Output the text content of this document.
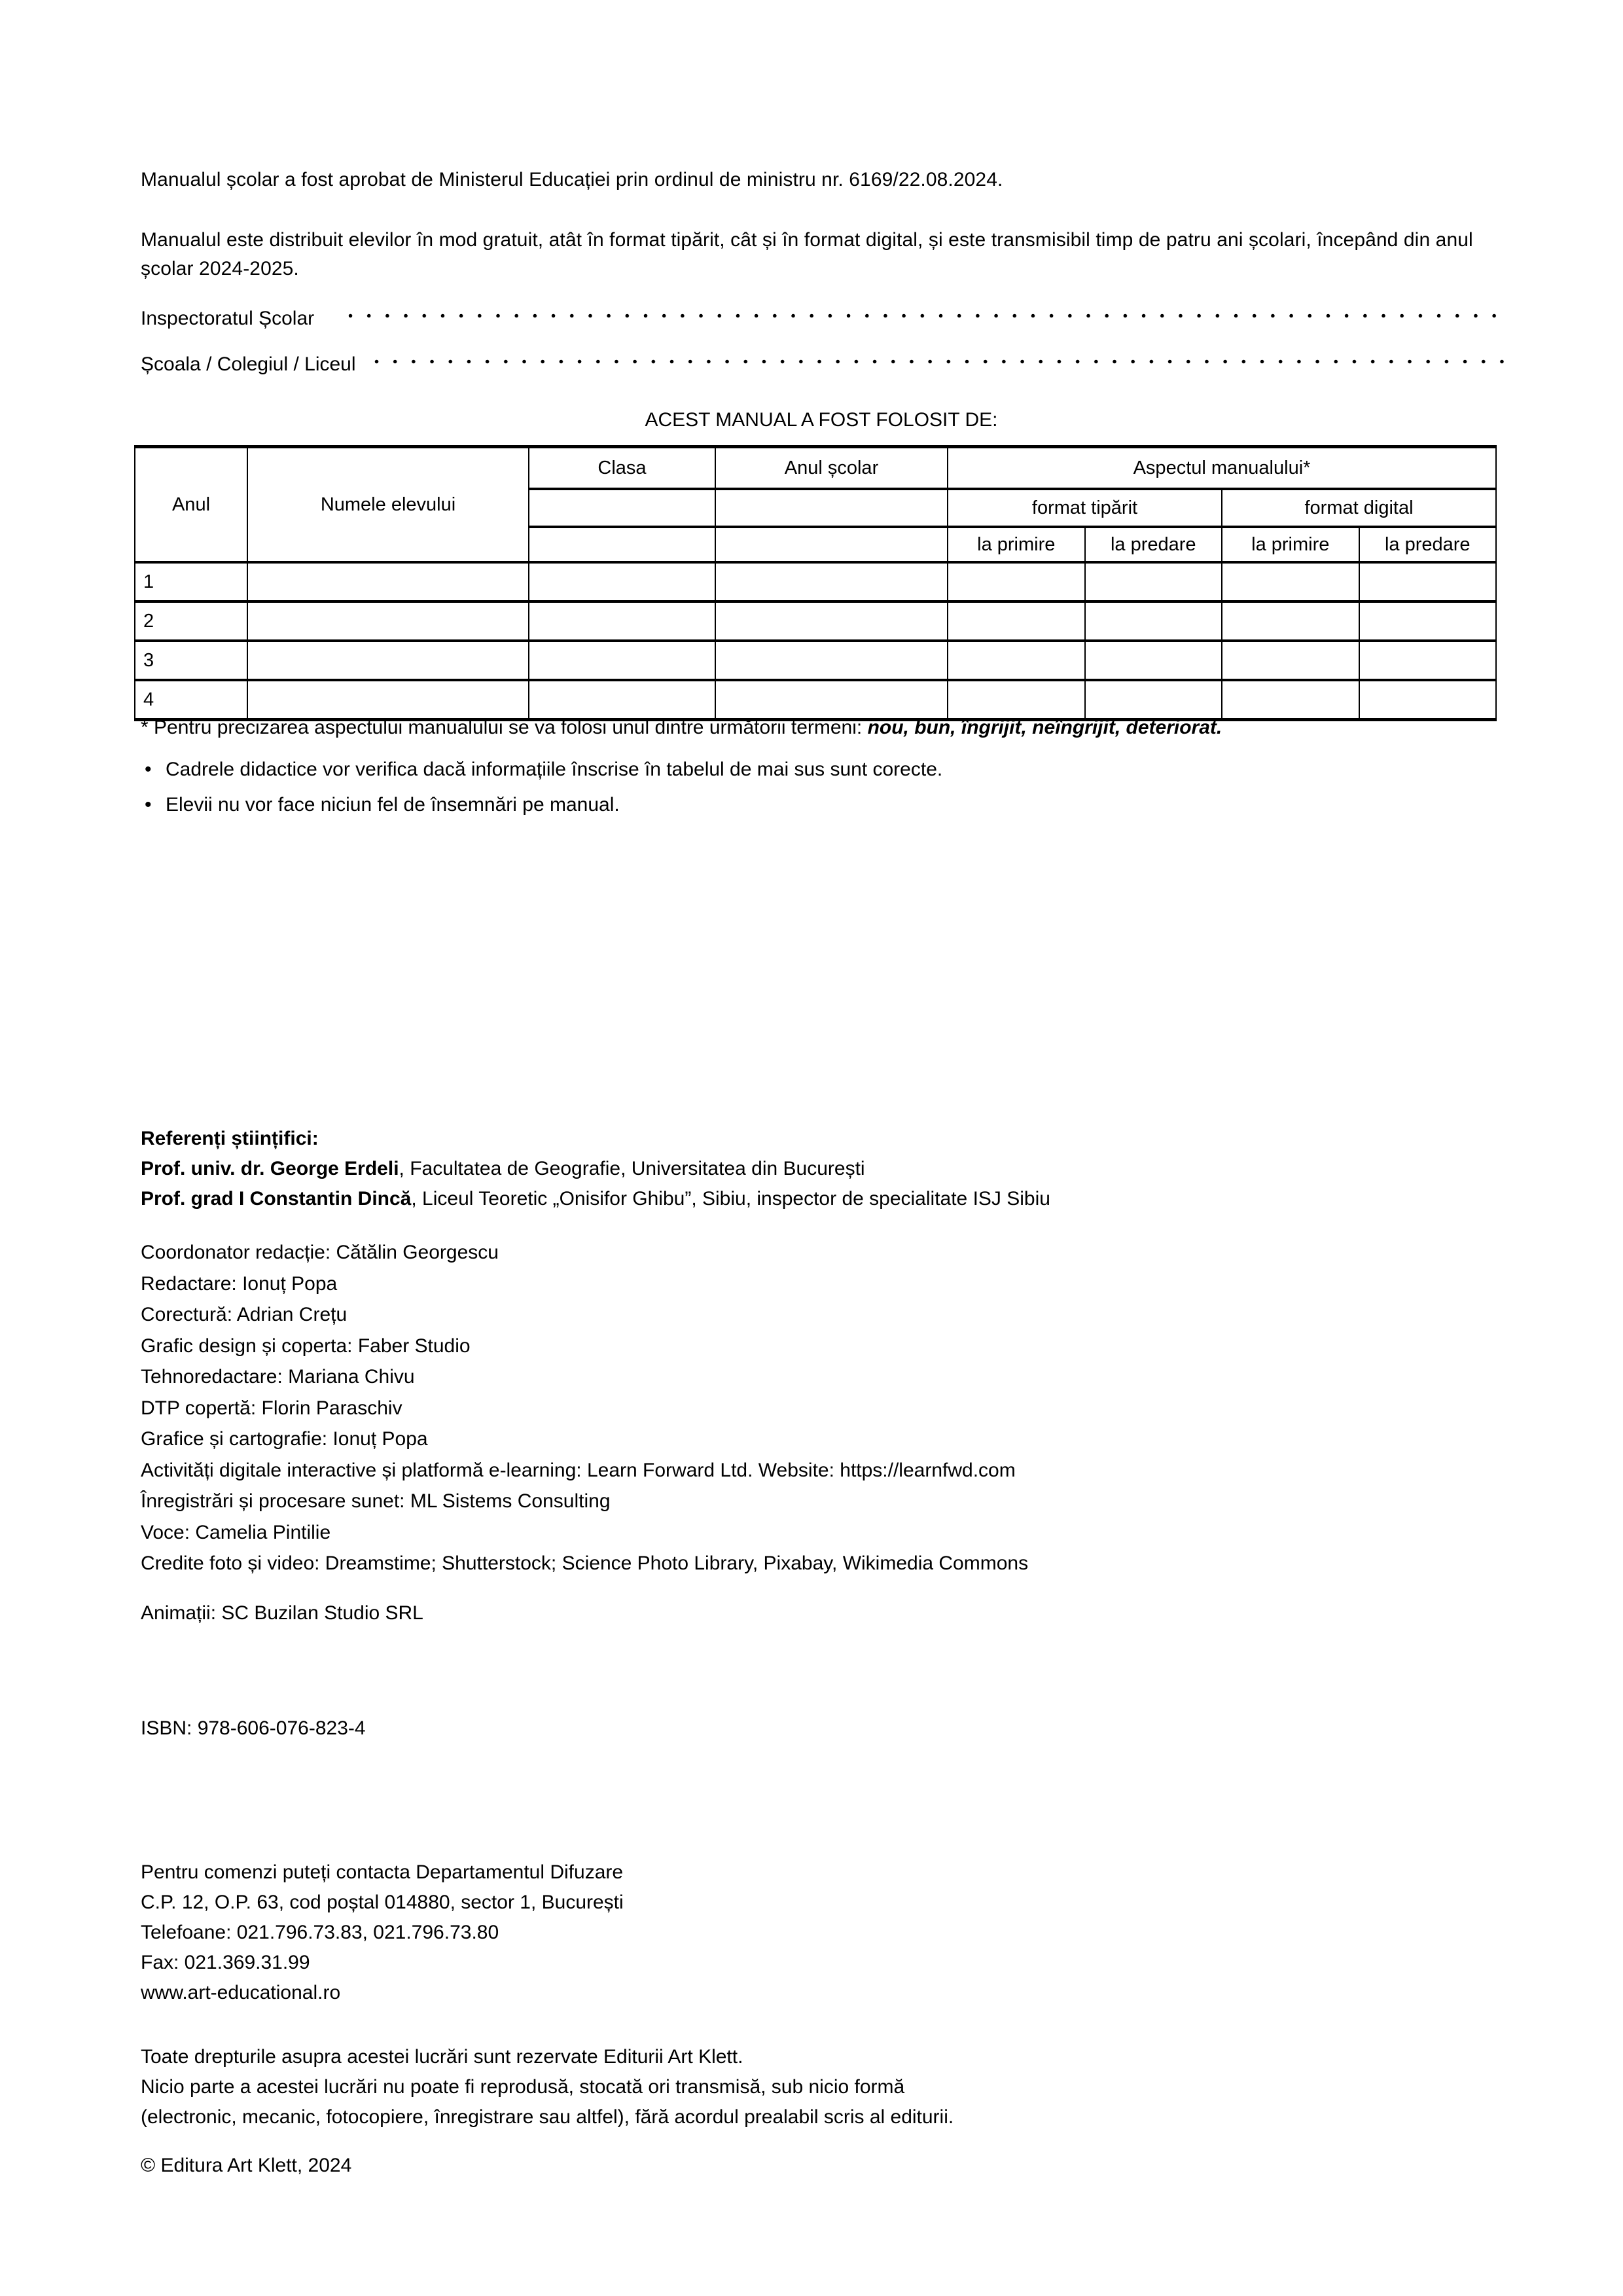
Manualul școlar a fost aprobat de Ministerul Educației prin ordinul de ministru nr. 6169/22.08.2024.
Manualul este distribuit elevilor în mod gratuit, atât în format tipărit, cât și în format digital, și este transmisibil timp de patru ani școlari, începând din anul școlar 2024-2025.
Inspectoratul Școlar
Școala / Colegiul / Liceul
ACEST MANUAL A FOST FOLOSIT DE:
Anul	Numele elevului	Clasa	Anul școlar	Aspectul manualului*			
				format tipărit		format digital	
				la primire	la predare	la primire	la predare
1							
2							
3							
4							
* Pentru precizarea aspectului manualului se va folosi unul dintre următorii termeni: nou, bun, îngrijit, neîngrijit, deteriorat.
• Cadrele didactice vor verifica dacă informațiile înscrise în tabelul de mai sus sunt corecte.
• Elevii nu vor face niciun fel de însemnări pe manual.
Referenți științifici:
Prof. univ. dr. George Erdeli, Facultatea de Geografie, Universitatea din București
Prof. grad I Constantin Dincă, Liceul Teoretic „Onisifor Ghibu”, Sibiu, inspector de specialitate ISJ Sibiu
Coordonator redacție: Cătălin Georgescu
Redactare: Ionuț Popa
Corectură: Adrian Crețu
Grafic design și coperta: Faber Studio
Tehnoredactare: Mariana Chivu
DTP copertă: Florin Paraschiv
Grafice și cartografie: Ionuț Popa
Activități digitale interactive și platformă e-learning: Learn Forward Ltd. Website: https://learnfwd.com
Înregistrări și procesare sunet: ML Sistems Consulting
Voce: Camelia Pintilie
Credite foto și video: Dreamstime; Shutterstock; Science Photo Library, Pixabay, Wikimedia Commons
Animații: SC Buzilan Studio SRL
ISBN: 978-606-076-823-4
Pentru comenzi puteți contacta Departamentul Difuzare
C.P. 12, O.P. 63, cod poștal 014880, sector 1, București
Telefoane: 021.796.73.83, 021.796.73.80
Fax: 021.369.31.99
www.art-educational.ro
Toate drepturile asupra acestei lucrări sunt rezervate Editurii Art Klett.
Nicio parte a acestei lucrări nu poate fi reprodusă, stocată ori transmisă, sub nicio formă
(electronic, mecanic, fotocopiere, înregistrare sau altfel), fără acordul prealabil scris al editurii.
© Editura Art Klett, 2024
